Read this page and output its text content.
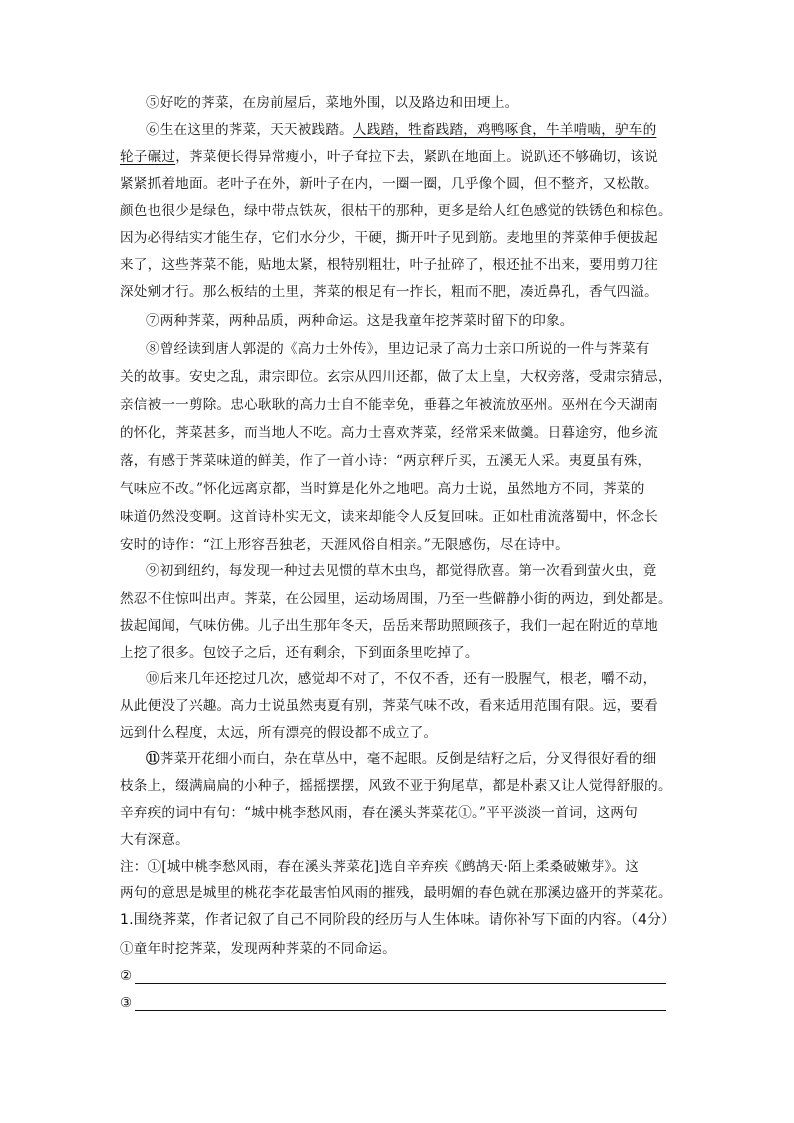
⑤好吃的荠菜，在房前屋后，菜地外围，以及路边和田埂上。
⑥生在这里的荠菜，天天被践踏。人践踏，牲畜践踏，鸡鸭啄食，牛羊啃啮，驴车的
轮子碾过，荠菜便长得异常瘦小，叶子耷拉下去，紧趴在地面上。说趴还不够确切，该说
紧紧抓着地面。老叶子在外，新叶子在内，一圈一圈，几乎像个圆，但不整齐，又松散。
颜色也很少是绿色，绿中带点铁灰，很枯干的那种，更多是给人红色感觉的铁锈色和棕色。
因为必得结实才能生存，它们水分少，干硬，撕开叶子见到筋。麦地里的荠菜伸手便拔起
来了，这些荠菜不能，贴地太紧，根特别粗壮，叶子扯碎了，根还扯不出来，要用剪刀往
深处剜才行。那么板结的土里，荠菜的根足有一拃长，粗而不肥，凑近鼻孔，香气四溢。
⑦两种荠菜，两种品质，两种命运。这是我童年挖荠菜时留下的印象。
⑧曾经读到唐人郭湜的《高力士外传》，里边记录了高力士亲口所说的一件与荠菜有
关的故事。安史之乱，肃宗即位。玄宗从四川还都，做了太上皇，大权旁落，受肃宗猜忌，
亲信被一一剪除。忠心耿耿的高力士自不能幸免，垂暮之年被流放巫州。巫州在今天湖南
的怀化，荠菜甚多，而当地人不吃。高力士喜欢荠菜，经常采来做羹。日暮途穷，他乡流
落，有感于荠菜味道的鲜美，作了一首小诗：“两京秤斤买，五溪无人采。夷夏虽有殊，
气味应不改。”怀化远离京都，当时算是化外之地吧。高力士说，虽然地方不同，荠菜的
味道仍然没变啊。这首诗朴实无文，读来却能令人反复回味。正如杜甫流落蜀中，怀念长
安时的诗作：“江上形容吾独老，天涯风俗自相亲。”无限感伤，尽在诗中。
⑨初到纽约，每发现一种过去见惯的草木虫鸟，都觉得欣喜。第一次看到萤火虫，竟
然忍不住惊叫出声。荠菜，在公园里，运动场周围，乃至一些僻静小街的两边，到处都是。
拔起闻闻，气味仿佛。儿子出生那年冬天，岳岳来帮助照顾孩子，我们一起在附近的草地
上挖了很多。包饺子之后，还有剩余，下到面条里吃掉了。
⑩后来几年还挖过几次，感觉却不对了，不仅不香，还有一股腥气，根老，嚼不动，
从此便没了兴趣。高力士说虽然夷夏有别，荠菜气味不改，看来适用范围有限。远，要看
远到什么程度，太远，所有漂亮的假设都不成立了。
⑪荠菜开花细小而白，杂在草丛中，毫不起眼。反倒是结籽之后，分叉得很好看的细
枝条上，缀满扁扁的小种子，摇摇摆摆，风致不亚于狗尾草，都是朴素又让人觉得舒服的。
辛弃疾的词中有句：“城中桃李愁风雨，春在溪头荠菜花①。”平平淡淡一首词，这两句
大有深意。
注：①[城中桃李愁风雨，春在溪头荠菜花]选自辛弃疾《鹧鸪天·陌上柔桑破嫩芽》。这
两句的意思是城里的桃花李花最害怕风雨的摧残，最明媚的春色就在那溪边盛开的荠菜花。
1.围绕荠菜，作者记叙了自己不同阶段的经历与人生体味。请你补写下面的内容。（4分）
①童年时挖荠菜，发现两种荠菜的不同命运。
②
③
